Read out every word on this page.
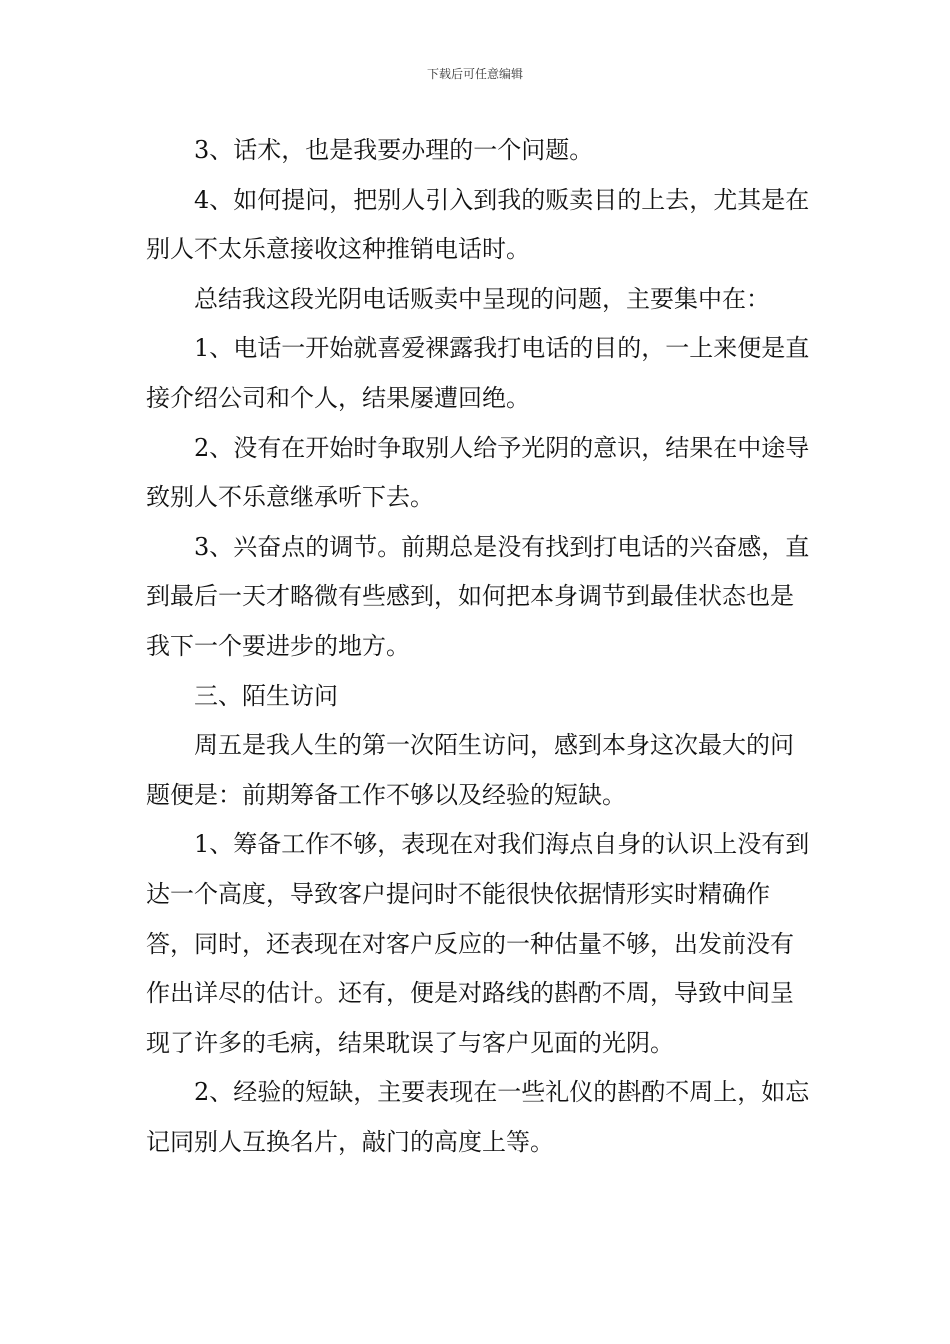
下载后可任意编辑

3、话术，也是我要办理的一个问题。

4、如何提问，把别人引入到我的贩卖目的上去，尤其是在别人不太乐意接收这种推销电话时。

总结我这段光阴电话贩卖中呈现的问题，主要集中在：

1、电话一开始就喜爱裸露我打电话的目的，一上来便是直接介绍公司和个人，结果屡遭回绝。

2、没有在开始时争取别人给予光阴的意识，结果在中途导致别人不乐意继承听下去。

3、兴奋点的调节。前期总是没有找到打电话的兴奋感，直到最后一天才略微有些感到，如何把本身调节到最佳状态也是我下一个要进步的地方。

三、陌生访问

周五是我人生的第一次陌生访问，感到本身这次最大的问题便是：前期筹备工作不够以及经验的短缺。

1、筹备工作不够，表现在对我们海点自身的认识上没有到达一个高度，导致客户提问时不能很快依据情形实时精确作答，同时，还表现在对客户反应的一种估量不够，出发前没有作出详尽的估计。还有，便是对路线的斟酌不周，导致中间呈现了许多的毛病，结果耽误了与客户见面的光阴。

2、经验的短缺，主要表现在一些礼仪的斟酌不周上，如忘记同别人互换名片，敲门的高度上等。
